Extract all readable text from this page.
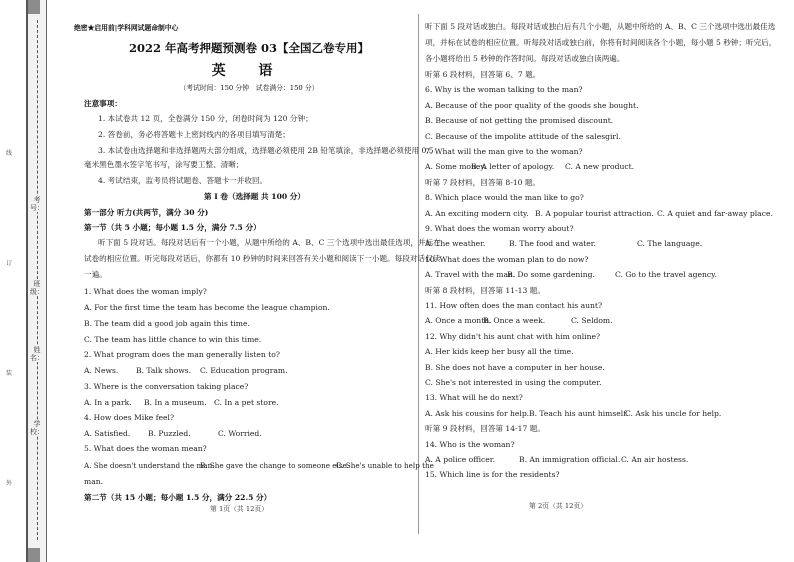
线
订
装
外
考号：
班级：
姓名：
学校：
绝密★启用前|学科网试题命制中心
2022 年高考押题预测卷 03【全国乙卷专用】
英 语
（考试时间：150 分钟　试卷满分：150 分）
注意事项：
1. 本试卷共 12 页，全卷满分 150 分，闭卷时间为 120 分钟；
2. 答卷前，务必将答题卡上密封线内的各项目填写清楚；
3. 本试卷由选择题和非选择题两大部分组成，选择题必须使用 2B 铅笔填涂，非选择题必须使用 0.5
毫米黑色墨水签字笔书写，涂写要工整、清晰；
4. 考试结束，监考员将试题卷、答题卡一并收回。
第 I 卷（选择题 共 100 分）
第一部分 听力(共两节，满分 30 分)
第一节（共 5 小题；每小题 1.5 分，满分 7.5 分）
听下面 5 段对话。每段对话后有一个小题，从题中所给的 A、B、C 三个选项中选出最佳选项，并标在
试卷的相应位置。听完每段对话后，你都有 10 秒钟的时间来回答有关小题和阅读下一小题。每段对话仅读
一遍。
1. What does the woman imply?
A. For the first time the team has become the league champion.
B. The team did a good job again this time.
C. The team has little chance to win this time.
2. What program does the man generally listen to?
A. News. B. Talk shows. C. Education program.
3. Where is the conversation taking place?
A. In a park. B. In a museum. C. In a pet store.
4. How does Mike feel?
A. Satisfied. B. Puzzled.	C. Worried.
5. What does the woman mean?
A. She doesn't understand the man.
B. She gave the change to someone else.
C. She's unable to help the
man.
第二节（共 15 小题；每小题 1.5 分，满分 22.5 分）
第 1页（共 12页）
听下面 5 段对话或独白。每段对话或独白后有几个小题，从题中所给的 A、B、C 三个选项中选出最佳选
项，并标在试卷的相应位置。听每段对话或独白前，你将有时间阅读各个小题，每小题 5 秒钟；听完后，
各小题将给出 5 秒钟的作答时间。每段对话或独白读两遍。
听第 6 段材料，回答第 6、7 题。
6. Why is the woman talking to the man?
A. Because of the poor quality of the goods she bought.
B. Because of not getting the promised discount.
C. Because of the impolite attitude of the salesgirl.
7. What will the man give to the woman?
A. Some money.
B. A letter of apology. C. A new product.
听第 7 段材料，回答第 8-10 题。
8. Which place would the man like to go?
A. An exciting modern city. B. A popular tourist attraction. C. A quiet and far-away place.
9. What does the woman worry about?
A. The weather.	B. The food and water.	C. The language.
10. What does the woman plan to do now?
A. Travel with the man.
B. Do some gardening.	C. Go to the travel agency.
听第 8 段材料，回答第 11-13 题。
11. How often does the man contact his aunt?
A. Once a month.
B. Once a week.	C. Seldom.
12. Why didn't his aunt chat with him online?
A. Her kids keep her busy all the time.
B. She does not have a computer in her house.
C. She's not interested in using the computer.
13. What will he do next?
A. Ask his cousins for help. B. Teach his aunt himself.
C. Ask his uncle for help.
听第 9 段材料，回答第 14-17 题。
14. Who is the woman?
A. A police officer.	B. An immigration official. C. An air hostess.
15. Which line is for the residents?
第 2页（共 12页）
